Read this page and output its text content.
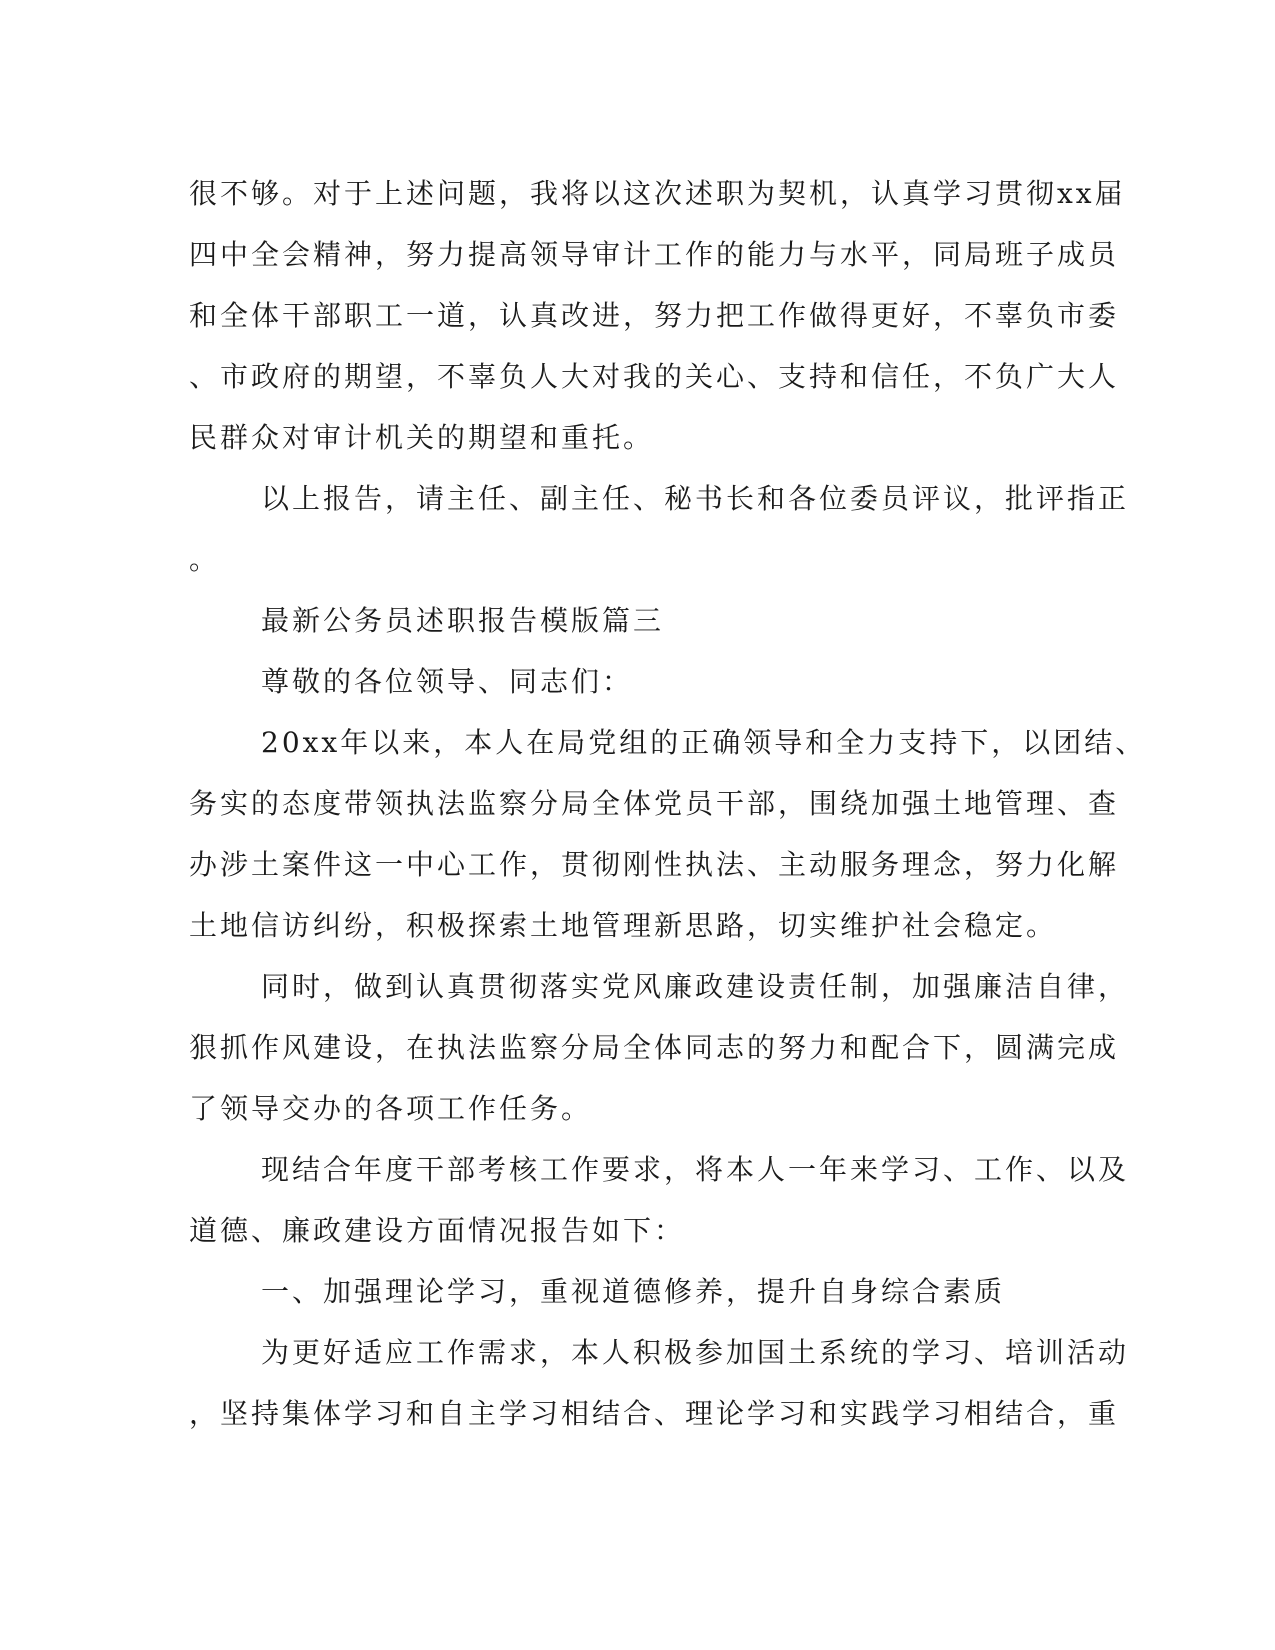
很不够。对于上述问题，我将以这次述职为契机，认真学习贯彻xx届
四中全会精神，努力提高领导审计工作的能力与水平，同局班子成员
和全体干部职工一道，认真改进，努力把工作做得更好，不辜负市委
、市政府的期望，不辜负人大对我的关心、支持和信任，不负广大人
民群众对审计机关的期望和重托。
以上报告，请主任、副主任、秘书长和各位委员评议，批评指正
。
最新公务员述职报告模版篇三
尊敬的各位领导、同志们：
20xx年以来，本人在局党组的正确领导和全力支持下，以团结、
务实的态度带领执法监察分局全体党员干部，围绕加强土地管理、查
办涉土案件这一中心工作，贯彻刚性执法、主动服务理念，努力化解
土地信访纠纷，积极探索土地管理新思路，切实维护社会稳定。
同时，做到认真贯彻落实党风廉政建设责任制，加强廉洁自律，
狠抓作风建设，在执法监察分局全体同志的努力和配合下，圆满完成
了领导交办的各项工作任务。
现结合年度干部考核工作要求，将本人一年来学习、工作、以及
道德、廉政建设方面情况报告如下：
一、加强理论学习，重视道德修养，提升自身综合素质
为更好适应工作需求，本人积极参加国土系统的学习、培训活动
，坚持集体学习和自主学习相结合、理论学习和实践学习相结合，重
